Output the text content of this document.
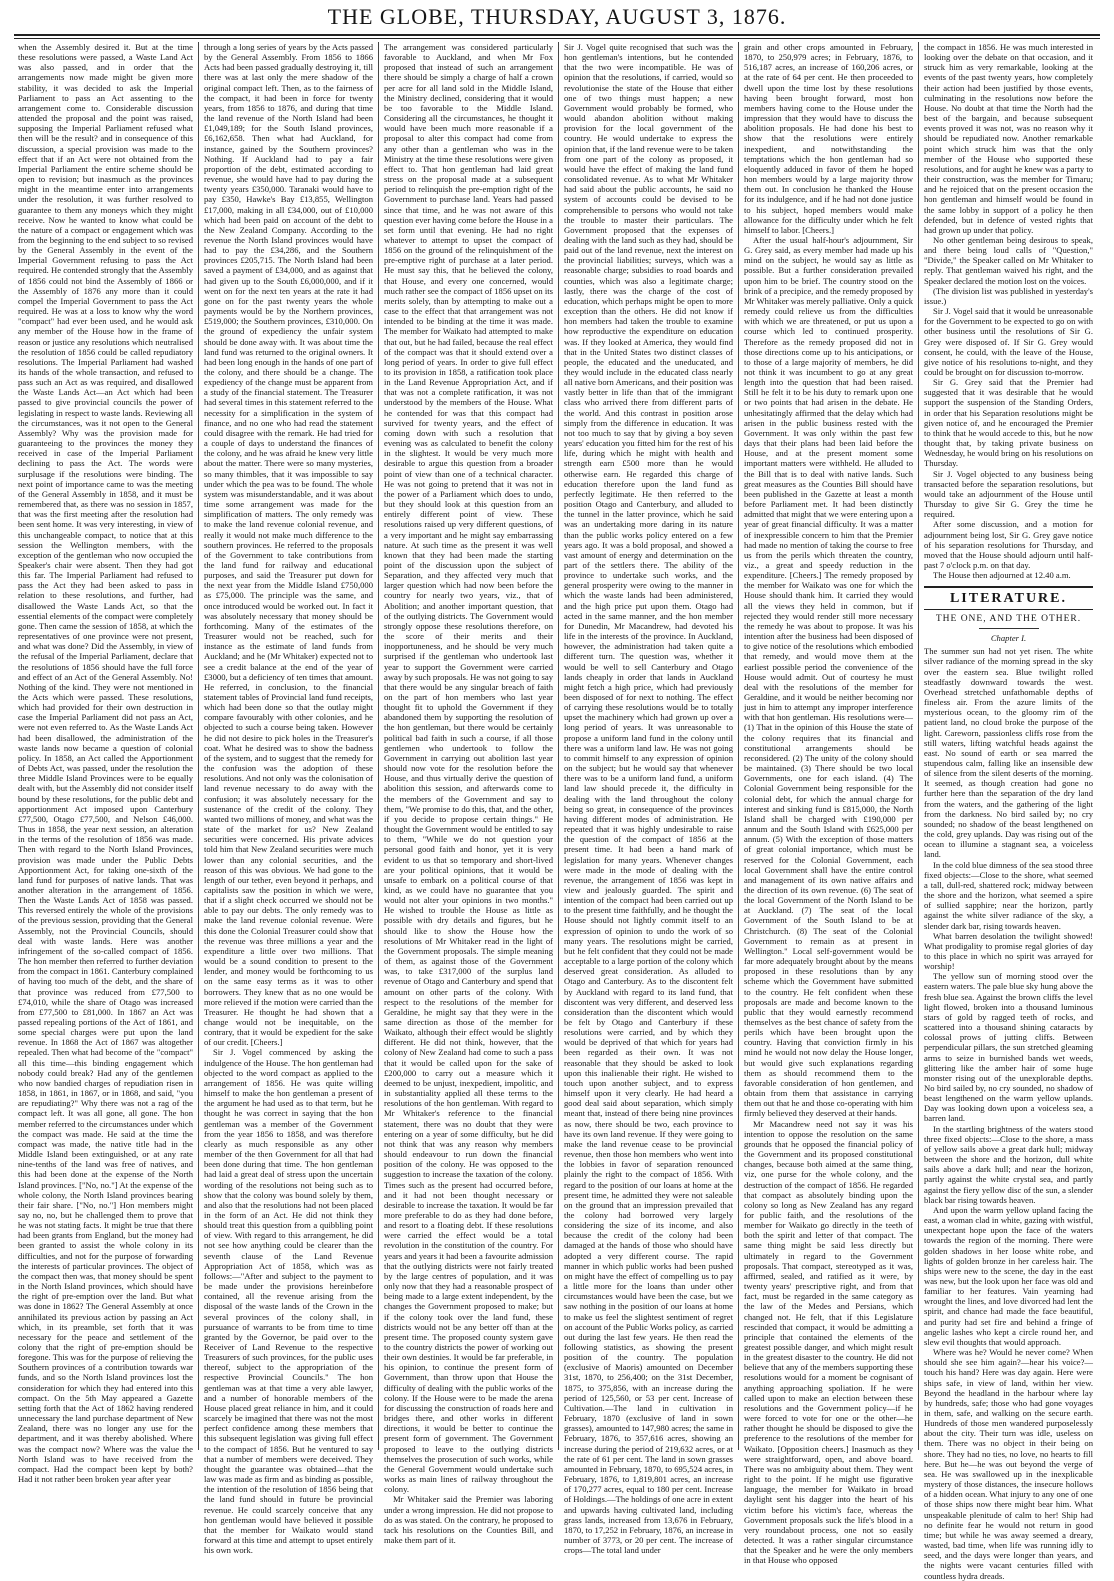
THE GLOBE, THURSDAY, AUGUST 3, 1876.

when the Assembly desired it. But at the time these resolutions were passed, a Waste Land Act was also passed, and in order that the arrangements now made might be given more stability, it was decided to ask the Imperial Parliament to pass an Act assenting to the arrangement come to. Considerable discussion attended the proposal and the point was raised, supposing the Imperial Parliament refused what then will be the result? and in consequence of this discussion, a special provision was made to the effect that if an Act were not obtained from the Imperial Parliament the entire scheme should be open to revision; but inasmuch as the provinces might in the meantime enter into arrangements under the resolution, it was further resolved to guarantee to them any moneys which they might receive. Now he wanted to know what could be the nature of a compact or engagement which was from the beginning to the end subject to so revised by the General Assembly in the event of the Imperial Government refusing to pass the Act required. He contended strongly that the Assembly of 1856 could not bind the Assembly of 1866 or the Assembly of 1876 any more than it could compel the Imperial Government to pass the Act required. He was at a loss to know why the word "compact" had ever been used, and he would ask any member of the House how in the frame of reason or justice any resolutions which neutralised the resolution of 1856 could be called repudiatory resolutions. The Imperial Parliament had washed its hands of the whole transaction, and refused to pass such an Act as was required, and disallowed the Waste Lands Act—an Act which had been passed to give provincial councils the power of legislating in respect to waste lands. Reviewing all the circumstances, was it not open to the General Assembly? Why was the provision made for guaranteeing to the provinces the money they received in case of the Imperial Parliament declining to pass the Act. The words were surplusage if the resolutions were binding. The next point of importance came to was the meeting of the General Assembly in 1858, and it must be remembered that, as there was no session in 1857, that was the first meeting after the resolution had been sent home. It was very interesting, in view of this unchangeable compact, to notice that at this session the Wellington members, with the exception of the gentleman who now occupied the Speaker's chair were absent. Then they had got this far. The Imperial Parliament had refused to pass the Act they had been asked to pass in relation to these resolutions, and further, had disallowed the Waste Lands Act, so that the essential elements of the compact were completely gone. Then came the session of 1858, at which the representatives of one province were not present, and what was done? Did the Assembly, in view of the refusal of the Imperial Parliament, declare that the resolutions of 1856 should have the full force and effect of an Act of the General Assembly. No! Nothing of the kind. They were not mentioned in the Acts which were passed. These resolutions, which had provided for their own destruction in case the Imperial Parliament did not pass an Act, were not even referred to. As the Waste Lands Act had been disallowed, the administration of the waste lands now became a question of colonial policy. In 1858, an Act called the Apportionment of Debts Act, was passed, under the resolution the three Middle Island Provinces were to be equally dealt with, but the Assembly did not consider itself bound by these resolutions, for the public debt and apportionment Act imposed upon Canterbury £77,500, Otago £77,500, and Nelson £46,000. Thus in 1858, the year next session, an alteration in the terms of the resolution of 1856 was made. Then with regard to the North Island Provinces, provision was made under the Public Debts Apportionment Act, for taking one-sixth of the land fund for purposes of native lands. That was another alteration in the arrangement of 1856. Then the Waste Lands Act of 1858 was passed. This reversed entirely the whole of the provisions of the previous session, providing that the General Assembly, not the Provincial Councils, should deal with waste lands. Here was another infringement of the so-called compact of 1856. The hon member then referred to further deviation from the compact in 1861. Canterbury complained of having too much of the debt, and the share of that province was reduced from £77,500 to £74,010, while the share of Otago was increased from £77,500 to £81,000. In 1867 an Act was passed repealing portions of the Act of 1861, and some special charges were put upon the land revenue. In 1868 the Act of 1867 was altogether repealed. Then what had become of the "compact" all this time—this binding engagement which nobody could break? Had any of the gentlemen who now bandied charges of repudiation risen in 1858, in 1861, in 1867, or in 1868, and said, "you are repudiating?" Why there was not a rag of the compact left. It was all gone, all gone. The hon member referred to the circumstances under which the compact was made. He said at the time the compact was made, the native title had in the Middle Island been extinguished, or at any rate nine-tenths of the land was free of natives, and this had been done at the expense of the North Island provinces. ["No, no."] At the expense of the whole colony, the North Island provinces bearing their fair share. ["No, no."] Hon members might say no, no, but he challenged them to prove that he was not stating facts. It might be true that there had been grants from England, but the money had been granted to assist the whole colony in its difficulties, and not for the purpose of forwarding the interests of particular provinces. The object of the compact then was, that money should be spent in the North Island provinces, which should have the right of pre-emption over the land. But what was done in 1862? The General Assembly at once annihilated its previous action by passing an Act which, in its preamble, set forth that it was necessary for the peace and settlement of the colony that the right of pre-emption should be foregone. This was for the purpose of relieving the Southern provinces of a contribution towards war funds, and so the North Island provinces lost the consideration for which they had entered into this compact. On the 5th May appeared a Gazette setting forth that the Act of 1862 having rendered unnecessary the land purchase department of New Zealand, there was no longer any use for the department, and it was thereby abolished. Where was the compact now? Where was the value the North Island was to have received from the compact. Had the compact been kept by both? Had it not rather been broken year after year

through a long series of years by the Acts passed by the General Assembly. From 1856 to 1866 Acts had been passed gradually destroying it, till there was at last only the mere shadow of the original compact left. Then, as to the fairness of the compact, it had been in force for twenty years, from 1856 to 1876, and during that time the land revenue of the North Island had been £1,049,189; for the South Island provinces, £6,162,658. Then what had Auckland, for instance, gained by the Southern provinces? Nothing. If Auckland had to pay a fair proportion of the debt, estimated according to revenue, she would have had to pay during the twenty years £350,000. Taranaki would have to pay £350, Hawke's Bay £13,855, Wellington £17,000, making in all £34,000, out of £10,000 which had been paid on account of the debt to the New Zealand Company. According to the revenue the North Island provinces would have had to pay the £34,286, and the Southern provinces £205,715. The North Island had been saved a payment of £34,000, and as against that had given up to the South £6,000,000, and if it went on for the next ten years at the rate it had gone on for the past twenty years the whole payments would be by the Northern provinces, £519,000; the Southern provinces, £310,000. On the ground of expediency the unfair system should be done away with. It was about time the land fund was returned to the original owners. It had been long enough in the hands of one part of the colony, and there should be a change. The expediency of the change must be apparent from a study of the financial statement. The Treasurer had several times in this statement referred to the necessity for a simplification in the system of finance, and no one who had read the statement could disagree with the remark. He had tried for a couple of days to understand the finances of the colony, and he was afraid he knew very little about the matter. There were so many mysteries, so many thimbles, that it was impossible to say under which the pea was to be found. The whole system was misunderstandable, and it was about time some arrangement was made for the simplification of matters. The only remedy was to make the land revenue colonial revenue, and really it would not make much difference to the southern provinces. He referred to the proposals of the Government to take contributions from the land fund for railway and educational purposes, and said the Treasurer put down for the next year from the Middle Island £750,000 as £75,000. The principle was the same, and once introduced would be worked out. In fact it was absolutely necessary that money should be forthcoming. Many of the estimates of the Treasurer would not be reached, such for instance as the estimate of land funds from Auckland; and he (Mr Whitaker) expected not to see a credit balance at the end of the year of £3000, but a deficiency of ten times that amount. He referred, in conclusion, to the financial statement tables of Provincial land fund receipts, which had been done so that the outlay might compare favourably with other colonies, and he objected to such a course being taken. However he did not desire to pick holes in the Treasurer's coat. What he desired was to show the badness of the system, and to suggest that the remedy for the confusion was the adoption of these resolutions. And not only was the colonisation of land revenue necessary to do away with the confusion; it was absolutely necessary for the sustenance of the credit of the colony. They wanted two millions of money, and what was the state of the market for us? New Zealand securities were concerned. His private advices told him that New Zealand securities were much lower than any colonial securities, and the reason of this was obvious. We had gone to the length of our tether, even beyond it perhaps, and capitalists saw the position in which we were, that if a slight check occurred we should not be able to pay our debts. The only remedy was to make the land revenue colonial revenue. Were this done the Colonial Treasurer could show that the revenue was three millions a year and the expenditure a little over two millions. That would be a sound condition to present to the lender, and money would be forthcoming to us on the same easy terms as it was to other borrowers. They knew that as no one would be more relieved if the motion were carried than the Treasurer. He thought he had shown that a change would not be inequitable, on the contrary, that it would be expedient for the sake of our credit. [Cheers.]

Sir J. Vogel commenced by asking the indulgence of the House. The hon gentleman had objected to the word compact as applied to the arrangement of 1856. He was quite willing himself to make the hon gentleman a present of the argument he had used as to that term, but he thought he was correct in saying that the hon gentleman was a member of the Government from the year 1856 to 1858, and was therefore clearly as much responsible as any other member of the then Government for all that had been done during that time. The hon gentleman had laid a great deal of stress upon the uncertain wording of the resolutions not being such as to show that the colony was bound solely by them, and also that the resolutions had not been placed in the form of an Act. He did not think they should treat this question from a quibbling point of view. With regard to this arrangement, he did not see how anything could be clearer than the seventh clause of the Land Revenue Appropriation Act of 1858, which was as follows:—"After and subject to the payment to be made under the provisions hereinbefore contained, all the revenue arising from the disposal of the waste lands of the Crown in the several provinces of the colony shall, in pursuance of warrants to be from time to time granted by the Governor, be paid over to the Receiver of Land Revenue to the respective Treasurers of such provinces, for the public uses thereof, subject to the appropriation of the respective Provincial Councils." The hon gentleman was at that time a very able lawyer, and a number of honorable members of the House placed great reliance in him, and it could scarcely be imagined that there was not the most perfect confidence among these members that this subsequent legislation was giving full effect to the compact of 1856. But he ventured to say that a number of members were deceived. They thought the guarantee was obtained—that the law was made as firm and as binding as possible, the intention of the resolution of 1856 being that the land fund should in future be provincial revenue. He could scarcely conceive that any hon gentleman would have believed it possible that the member for Waikato would stand forward at this time and attempt to upset entirely his own work.

The arrangement was considered particularly favorable to Auckland, and when Mr Fox proposed that instead of such an arrangement there should be simply a charge of half a crown per acre for all land sold in the Middle Island, the Ministry declined, considering that it would be too favorable to the Middle Island. Considering all the circumstances, he thought it would have been much more reasonable if a proposal to alter this compact had come from any other than a gentleman who was in the Ministry at the time these resolutions were given effect to. That hon gentleman had laid great stress on the proposal made at a subsequent period to relinquish the pre-emption right of the Government to purchase land. Years had passed since that time, and he was not aware of this question ever having come before the House in a set form until that evening. He had no right whatever to attempt to upset the compact of 1856 on the ground of the relinquishment of the pre-emptive right of purchase at a later period. He must say this, that he believed the colony, that House, and every one concerned, would much rather see the compact of 1856 upset on its merits solely, than by attempting to make out a case to the effect that that arrangement was not intended to be binding at the time it was made. The member for Waikato had attempted to make that out, but he had failed, because the real effect of the compact was that it should extend over a long period of years. In order to give full effect to its provision in 1858, a ratification took place in the Land Revenue Appropriation Act, and if that was not a complete ratification, it was not understood by the members of the House. What he contended for was that this compact had survived for twenty years, and the effect of coming down with such a resolution that evening was as calculated to benefit the colony in the slightest. It would be very much more desirable to argue this question from a broader point of view than one of a technical character. He was not going to pretend that it was not in the power of a Parliament which does to undo, but they should look at this question from an entirely different point of view. These resolutions raised up very different questions, of a very important and he might say embarrassing nature. At such time as the present it was well known that they had been made the starting point of the discussion upon the subject of Separation, and they affected very much that larger question which had now been before the country for nearly two years, viz., that of Abolition; and another important question, that of the outlying districts. The Government would strongly oppose these resolutions therefore, on the score of their merits and their inopportuneness, and he should be very much surprised if the gentleman who undertook last year to support the Government were carried away by such proposals. He was not going to say that there would be any singular breach of faith on the part of hon members who last year thought fit to uphold the Government if they abandoned them by supporting the resolution of the hon gentleman, but there would be certainly political bad faith in such a course, if all those gentlemen who undertook to follow the Government in carrying out abolition last year should now vote for the resolution before the House, and thus virtually derive the question of abolition this session, and afterwards come to the members of the Government and say to them, "We promise to do this, that, and the other, if you decide to propose certain things." He thought the Government would be entitled to say to them, "While we do not question your personal good faith and honor, yet it is very evident to us that so temporary and short-lived are your political opinions, that it would be unsafe to embark on a political course of that kind, as we could have no guarantee that you would not alter your opinions in two months." He wished to trouble the House as little as possible with dry details and figures, but he should like to show the House how the resolutions of Mr Whitaker read in the light of the Government proposals. The simple meaning of them, as against those of the Government was, to take £317,000 of the surplus land revenue of Otago and Canterbury and spend that amount on other parts of the colony. With respect to the resolutions of the member for Geraldine, he might say that they were in the same direction as those of the member for Waikato, although their effect would be slightly different. He did not think, however, that the colony of New Zealand had come to such a pass that it would be called upon for the sake of £200,000 to carry out a measure which it deemed to be unjust, inexpedient, impolitic, and in substantiality applied all these terms to the resolutions of the hon gentleman. With regard to Mr Whitaker's reference to the financial statement, there was no doubt that they were entering on a year of some difficulty, but he did not think that was any reason why members should endeavour to run down the financial position of the colony. He was opposed to the suggestion to increase the taxation of the colony. Times such as the present had occurred before, and it had not been thought necessary or desirable to increase the taxation. It would be far more preferable to do as they had done before, and resort to a floating debt. If these resolutions were carried the effect would be a total revolution in the constitution of the country. For years and years it had been a favourite admission that the outlying districts were not fairly treated by the large centres of population, and it was only now that they had a reasonable prospect of being made to a large extent independent, by the changes the Government proposed to make; but if the colony took over the land fund, these districts would not be any better off than at the present time. The proposed county system gave to the country districts the power of working out their own destinies. It would be far preferable, in his opinion, to continue the present form of Government, than throw upon that House the difficulty of dealing with the public works of the colony. If the House were to be made the arena for discussing the construction of roads here and bridges there, and other works in different directions, it would be better to continue the present form of government. The Government proposed to leave to the outlying districts themselves the prosecution of such works, while the General Government would undertake such works as main lines of railway throughout the colony.

Mr Whitaker said the Premier was laboring under a wrong impression. He did not propose to do as was stated. On the contrary, he proposed to tack his resolutions on the Counties Bill, and make them part of it.

Sir J. Vogel quite recognised that such was the hon gentleman's intentions, but he contended that the two were incompatible. He was of opinion that the resolutions, if carried, would so revolutionise the state of the House that either one of two things must happen; a new Government would probably be formed, who would abandon abolition without making provision for the local government of the country. He would undertake to express the opinion that, if the land revenue were to be taken from one part of the colony as proposed, it would have the effect of making the land fund consolidated revenue. As to what Mr Whitaker had said about the public accounts, he said no system of accounts could be devised to be comprehensible to persons who would not take the trouble to master their particulars. The Government proposed that the expenses of dealing with the land such as they had, should be paid out of the land revenue, next the interest on the provincial liabilities; surveys, which was a reasonable charge; subsidies to road boards and counties, which was also a legitimate charge; lastly, there was the charge of the cost of education, which perhaps might be open to more exception than the others. He did not know if hon members had taken the trouble to examine how reproductive the expenditure on education was. If they looked at America, they would find that in the United States two distinct classes of people, the educated and the uneducated, and they would include in the educated class nearly all native born Americans, and their position was vastly better in life than that of the immigrant class who arrived there from different parts of the world. And this contrast in position arose simply from the difference in education. It was not too much to say that by giving a boy seven years' education you fitted him for the rest of his life, during which he might with health and strength earn £500 more than he would otherwise earn. He regarded this charge of education therefore upon the land fund as perfectly legitimate. He then referred to the position Otago and Canterbury, and alluded to the tunnel in the latter province, which he said was an undertaking more daring in its nature than the public works policy entered on a few years ago. It was a bold proposal, and showed a vast amount of energy and determination on the part of the settlers there. The ability of the province to undertake such works, and the general prosperity were owing to the manner in which the waste lands had been administered, and the high price put upon them. Otago had acted in the same manner, and the hon member for Dunedin, Mr Macandrew, had devoted his life in the interests of the province. In Auckland, however, the administration had taken quite a different turn. The question was, whether it would be well to sell Canterbury and Otago lands cheaply in order that lands in Auckland might fetch a high price, which had previously been disposed of for next to nothing. The effect of carrying these resolutions would be to totally upset the machinery which had grown up over a long period of years. It was unreasonable to propose a uniform land fund in the colony until there was a uniform land law. He was not going to commit himself to any expression of opinion on the subject; but he would say that whenever there was to be a uniform land fund, a uniform land law should precede it, the difficulty in dealing with the land throughout the colony being so great, in consequence of the provinces having different modes of administration. He repeated that it was highly undesirable to raise the question of the compact of 1856 at the present time. It had been a hand mark of legislation for many years. Whenever changes were made in the mode of dealing with the revenue, the arrangement of 1856 was kept in view and jealously guarded. The spirit and intention of the compact had been carried out up to the present time faithfully, and he thought the House should not lightly commit itself to an expression of opinion to undo the work of so many years. The resolutions might be carried, but he felt confident that they could not be made acceptable to a large portion of the colony which deserved great consideration. As alluded to Otago and Canterbury. As to the discontent felt by Auckland with regard to its land fund, that discontent was very different, and deserved less consideration than the discontent which would be felt by Otago and Canterbury if these resolutions were carried, and by which they would be deprived of that which for years had been regarded as their own. It was not reasonable that they should be asked to look upon this inalienable their right. He wished to touch upon another subject, and to express himself upon it very clearly. He had heard a good deal said about separation, which simply meant that, instead of there being nine provinces as now, there should be two, each province to have its own land revenue. If they were going to make the land revenue cease to be provincial revenue, then those hon members who went into the lobbies in favor of separation renounced plainly the right to the compact of 1856. With regard to the position of our loans at home at the present time, he admitted they were not saleable on the ground that an impression prevailed that the colony had borrowed very largely considering the size of its income, and also because the credit of the colony had been damaged at the hands of those who should have adopted a very different course. The rapid manner in which public works had been pushed on might have the effect of compelling us to pay a little more for the loans than under other circumstances would have been the case, but we saw nothing in the position of our loans at home to make us feel the slightest sentiment of regret on account of the Public Works policy, as carried out during the last few years. He then read the following statistics, as showing the present position of the country. The population (exclusive of Maoris) amounted on December 31st, 1870, to 256,400; on the 31st December, 1875, to 375,856, with an increase during the period of 125,560, or 53 per cent. Increase of Cultivation.—The land in cultivation in February, 1870 (exclusive of land in sown grasses), amounted to 147,980 acres; the same in February, 1876, to 357,616 acres, showing an increase during the period of 219,632 acres, or at the rate of 61 per cent. The land in sown grasses amounted in February, 1870, to 695,524 acres, in February, 1876, to 1,819,801 acres, an increase of 170,277 acres, equal to 180 per cent. Increase of Holdings.—The holdings of one acre in extent and upwards having cultivated land, including grass lands, increased from 13,676 in February, 1870, to 17,252 in February, 1876, an increase in number of 3773, or 20 per cent. The increase of crops—The total land under

grain and other crops amounted in February, 1870, to 250,979 acres; in February, 1876, to 516,187 acres, an increase of 160,206 acres, or at the rate of 64 per cent. He then proceeded to dwell upon the time lost by these resolutions having been brought forward, most hon members having come to the House under the impression that they would have to discuss the abolition proposals. He had done his best to show that the resolutions were entirely inexpedient, and notwithstanding the temptations which the hon gentleman had so eloquently adduced in favor of them he hoped hon members would by a large majority throw them out. In conclusion he thanked the House for its indulgence, and if he had not done justice to his subject, hoped members would make allowance for the difficulty under which he felt himself to labor. [Cheers.]

After the usual half-hour's adjournment, Sir G. Grey said, as every member had made up his mind on the subject, he would say as little as possible. But a further consideration prevailed upon him to be brief. The country stood on the brink of a precipice, and the remedy proposed by Mr Whitaker was merely palliative. Only a quick remedy could relieve us from the difficulties with which we are threatened, or put us upon a course which led to continued prosperity. Therefore as the remedy proposed did not in those directions come up to his anticipations, or to those of a large majority of members, he did not think it was incumbent to go at any great length into the question that had been raised. Still he felt it to be his duty to remark upon one or two points that had arisen in the debate. He unhesitatingly affirmed that the delay which had arisen in the public business rested with the Government. It was only within the past few days that their plans had been laid before the House, and at the present moment some important matters were withheld. He alluded to the Bill that is to deal with native lands. Such great measures as the Counties Bill should have been published in the Gazette at least a month before Parliament met. It had been distinctly admitted that might that we were entering upon a year of great financial difficulty. It was a matter of inexpressible concern to him that the Premier had made no mention of taking the course to free us from the perils which threaten the country, viz., a great and speedy reduction in the expenditure. [Cheers.] The remedy proposed by the member for Waikato was one for which the House should thank him. It carried they would all the views they held in common, but if rejected they would render still more necessary the remedy he was about to propose. It was his intention after the business had been disposed of to give notice of the resolutions which embodied that remedy, and would move them at the earliest possible period the convenience of the House would admit. Out of courtesy he must deal with the resolutions of the member for Geraldine, and it would be neither becoming nor just in him to attempt any improper interference with that hon gentleman. His resolutions were—(1) That in the opinion of this House the state of the colony requires that its financial and constitutional arrangements should be reconsidered. (2) The unity of the colony should be maintained. (3) There should be two local Governments, one for each island. (4) The Colonial Government being responsible for the colonial debt, for which the annual charge for interest and sinking fund is £815,000, the North Island shall be charged with £190,000 per annum and the South Island with £625,000 per annum. (5) With the exception of those matters of great colonial importance, which must be reserved for the Colonial Government, each local Government shall have the entire control and management of its own native affairs and the direction of its own revenue. (6) The seat of the local Government of the North Island to be at Auckland. (7) The seat of the local Government of the South Island to be at Christchurch. (8) The seat of the Colonial Government to remain as at present in Wellington." Local self-government would be far more adequately brought about by the means proposed in these resolutions than by any scheme which the Government have submitted to the country. He felt confident when these proposals are made and become known to the public that they would earnestly recommend themselves as the best chance of safety from the perils which have been brought upon the country. Having that conviction firmly in his mind he would not now delay the House longer, but would give such explanations regarding them as should recommend them to the favorable consideration of hon gentlemen, and obtain from them that assistance in carrying them out that he and those co-operating with him firmly believed they deserved at their hands.

Mr Macandrew need not say it was his intention to oppose the resolution on the same grounds that he opposed the financial policy of the Government and its proposed constitutional changes, because both aimed at the same thing, viz, one purse for the whole colony, and the destruction of the compact of 1856. He regarded that compact as absolutely binding upon the colony so long as New Zealand has any regard for public faith, and the resolutions of the member for Waikato go directly in the teeth of both the spirit and letter of that compact. The same thing might be said less directly but ultimately in regard to the Government proposals. That compact, stereotyped as it was, affirmed, sealed, and ratified as it were, by twenty years' prescriptive right, and from that fact, must be regarded in the same category as the law of the Medes and Persians, which changed not. He felt, that if this Legislature rescinded that compact, it would be admitting a principle that contained the elements of the greatest possible danger, and which might result in the greatest disaster to the country. He did not believe that any of the members supporting these resolutions would for a moment be cognisant of anything approaching spoliation. If he were called upon to make an election between these resolutions and the Government policy—if he were forced to vote for one or the other—he rather thought he should be disposed to give the preference to the resolutions of the member for Waikato. [Opposition cheers.] Inasmuch as they were straightforward, open, and above board. There was no ambiguity about them. They went right to the point. If he might use figurative language, the member for Waikato in broad daylight sent his dagger into the heart of his victim before his victim's face, whereas the Government proposals suck the life's blood in a very roundabout process, one not so easily detected. It was a rather singular circumstance that the Speaker and he were the only members in that House who opposed

the compact in 1856. He was much interested in looking over the debate on that occasion, and it struck him as very remarkable, looking at the events of the past twenty years, how completely their action had been justified by those events, culminating in the resolutions now before the House. No doubt at that time the North had the best of the bargain, and because subsequent events proved it was not, was no reason why it should be repudiated now. Another remarkable point which struck him was that the only member of the House who supported these resolutions, and for aught he knew was a party to their construction, was the member for Timaru; and he rejoiced that on the present occasion the hon gentleman and himself would be found in the same lobby in support of a policy he then defended, but in defence of vested rights that had grown up under that policy.

No other gentleman being desirous to speak, and there being loud calls of "Question," "Divide," the Speaker called on Mr Whitaker to reply. That gentleman waived his right, and the Speaker declared the motion lost on the voices.

(The division list was published in yesterday's issue.)

Sir J. Vogel said that it would be unreasonable for the Government to be expected to go on with other business until the resolutions of Sir G. Grey were disposed of. If Sir G. Grey would consent, he could, with the leave of the House, give notice of his resolutions to-night, and they could be brought on for discussion to-morrow.

Sir G. Grey said that the Premier had suggested that it was desirable that he would support the suspension of the Standing Orders, in order that his Separation resolutions might be given notice of, and he encouraged the Premier to think that he would accede to this, but he now thought that, by taking private business on Wednesday, he would bring on his resolutions on Thursday.

Sir J. Vogel objected to any business being transacted before the separation resolutions, but would take an adjournment of the House until Thursday to give Sir G. Grey the time he required.

After some discussion, and a motion for adjournment being lost, Sir G. Grey gave notice of his separation resolutions for Thursday, and moved that the House should adjourn until half-past 7 o'clock p.m. on that day.

The House then adjourned at 12.40 a.m.

LITERATURE.
THE ONE, AND THE OTHER.
Chapter I.

The summer sun had not yet risen. The white silver radiance of the morning spread in the sky over the eastern sea. Blue twilight rolled steadfastly downward towards the west. Overhead stretched unfathomable depths of fineless air. From the azure limits of the mysterious ocean, to the gloomy rim of the patient land, no cloud broke the purpose of the light. Careworn, passionless cliffs rose from the still waters, lifting watchful heads against the east. No sound of earth or sea marred the stupendous calm, falling like an insensible dew of silence from the silent deserts of the morning. It seemed, as though creation had gone no further here than the separation of the dry land from the waters, and the gathering of the light from the darkness. No bird sailed by; no cry sounded; no shadow of the beast lengthened on the cold, grey uplands. Day was rising out of the ocean to illumine a stagnant sea, a voiceless land.

In the cold blue dimness of the sea stood three fixed objects:—Close to the shore, what seemed a tall, dull-red, shattered rock; midway between the shore and the horizon, what seemed a spire of sullied sapphire; near the horizon, partly against the white silver radiance of the sky, a slender dark bar, rising towards heaven.

What barren desolation the twilight showed! What prodigality to promise regal glories of day to this place in which no spirit was arrayed for worship!

The yellow sun of morning stood over the eastern waters. The pale blue sky hung above the fresh blue sea. Against the brown cliffs the level light flowed, broken into a thousand luminous stars of gold by ragged teeth of rocks, and scattered into a thousand shining cataracts by colossal prows of jutting cliffs. Between perpendicular pillars, the sun stretched gleaming arms to seize in burnished bands wet weeds, glittering like the amber hair of some huge monster rising out of the unexplorable depths. No bird sailed by, no cry sounded, no shadow of beast lengthened on the warm yellow uplands. Day was looking down upon a voiceless sea, a barren land.

In the startling brightness of the waters stood three fixed objects:—Close to the shore, a mass of yellow sails above a great dark hull; midway between the shore and the horizon, dull white sails above a dark hull; and near the horizon, partly against the white crystal sea, and partly against the fiery yellow disc of the sun, a slender black bar rising towards heaven.

And upon the warm yellow upland facing the east, a woman clad in white, gazing with wistful, unexpectant hope upon the face of the waters towards the region of the morning. There were golden shadows in her loose white robe, and lights of golden bronze in her careless hair. The ships were new to the scene, the day in the east was new, but the look upon her face was old and familiar to her features. Vain yearning had wrought the lines, and love divorced had lent the spirit, and chance had made the face beautiful, and purity had set fire and behind a fringe of angelic lashes who kept a circle round her, and slew evil thoughts that would approach.

Where was he? Would he never come? When should she see him again?—hear his voice?—touch his hand? Here was day again. Here were ships safe, in view of land, within her view. Beyond the headland in the harbour where lay by hundreds, safe; those who had gone voyages in them, safe, and walking on the secure earth. Hundreds of those men wandered purposelessly about the city. Their turn was idle, useless on them. There was no object in their being on shore. They had no ties, no love, no hearts to fill here. But he—he was out beyond the verge of sea. He was swallowed up in the inexplicable mystery of those distances, the insecure hollows of a hidden ocean. What injury to any one of one of those ships now there might bear him. What unspeakable plenitude of calm to her! Ship had no definite fear he would not return in good time; but while he was away seemed a dreary, wasted, bad time, when life was running idly to seed, and the days were longer than years, and the nights were vacant centuries filled with countless hydra dreads.
